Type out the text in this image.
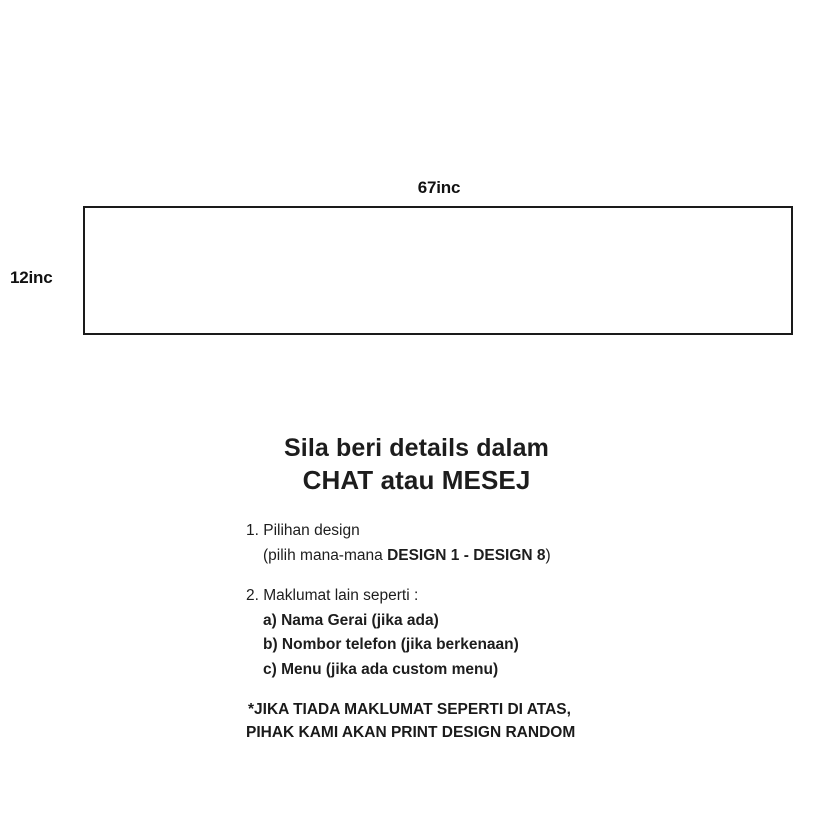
67inc
12inc
Sila beri details dalam
CHAT atau MESEJ
1. Pilihan design
(pilih mana-mana DESIGN 1 - DESIGN 8)
2. Maklumat lain seperti :
a) Nama Gerai (jika ada)
b) Nombor telefon (jika berkenaan)
c) Menu (jika ada custom menu)
*JIKA TIADA MAKLUMAT SEPERTI DI ATAS,
PIHAK KAMI AKAN PRINT DESIGN RANDOM
